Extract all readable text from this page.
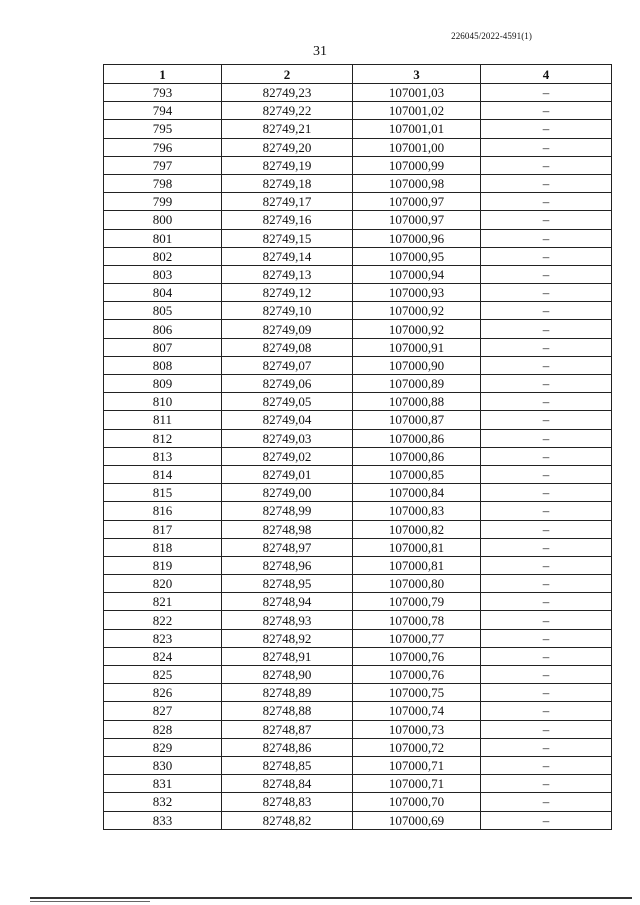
226045/2022-4591(1)
31
1	2	3	4
793	82749,23	107001,03	–
794	82749,22	107001,02	–
795	82749,21	107001,01	–
796	82749,20	107001,00	–
797	82749,19	107000,99	–
798	82749,18	107000,98	–
799	82749,17	107000,97	–
800	82749,16	107000,97	–
801	82749,15	107000,96	–
802	82749,14	107000,95	–
803	82749,13	107000,94	–
804	82749,12	107000,93	–
805	82749,10	107000,92	–
806	82749,09	107000,92	–
807	82749,08	107000,91	–
808	82749,07	107000,90	–
809	82749,06	107000,89	–
810	82749,05	107000,88	–
811	82749,04	107000,87	–
812	82749,03	107000,86	–
813	82749,02	107000,86	–
814	82749,01	107000,85	–
815	82749,00	107000,84	–
816	82748,99	107000,83	–
817	82748,98	107000,82	–
818	82748,97	107000,81	–
819	82748,96	107000,81	–
820	82748,95	107000,80	–
821	82748,94	107000,79	–
822	82748,93	107000,78	–
823	82748,92	107000,77	–
824	82748,91	107000,76	–
825	82748,90	107000,76	–
826	82748,89	107000,75	–
827	82748,88	107000,74	–
828	82748,87	107000,73	–
829	82748,86	107000,72	–
830	82748,85	107000,71	–
831	82748,84	107000,71	–
832	82748,83	107000,70	–
833	82748,82	107000,69	–
